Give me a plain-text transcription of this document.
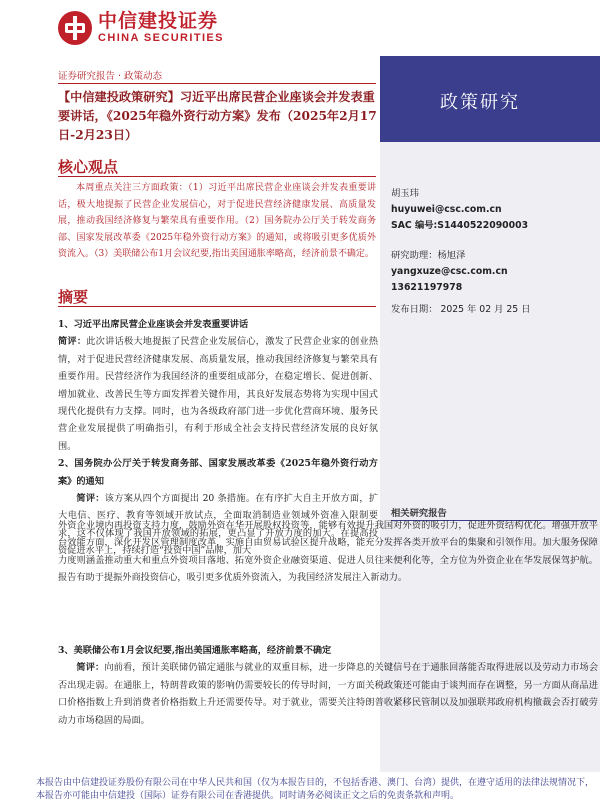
中信建投证券
CHINA SECURITIES
证券研究报告 · 政策动态
【中信建投政策研究】习近平出席民营企业座谈会并发表重要讲话，《2025年稳外资行动方案》发布（2025年2月17日-2月23日）
政策研究
胡玉玮
huyuwei@csc.com.cn
SAC 编号:S1440522090003
研究助理：杨旭泽
yangxuze@csc.com.cn
13621197978
发布日期： 2025 年 02 月 25 日
相关研究报告
核心观点
本周重点关注三方面政策：（1）习近平出席民营企业座谈会并发表重要讲话，极大地提振了民营企业发展信心，对于促进民营经济健康发展、高质量发展，推动我国经济修复与繁荣具有重要作用。（2）国务院办公厅关于转发商务部、国家发展改革委《2025年稳外资行动方案》的通知，或将吸引更多优质外资流入。（3）美联储公布1月会议纪要,指出美国通胀率略高，经济前景不确定。
摘要

1、习近平出席民营企业座谈会并发表重要讲话

简评：此次讲话极大地提振了民营企业发展信心，激发了民营企业家的创业热情，对于促进民营经济健康发展、高质量发展，推动我国经济修复与繁荣具有重要作用。民营经济作为我国经济的重要组成部分，在稳定增长、促进创新、增加就业、改善民生等方面发挥着关键作用，其良好发展态势将为实现中国式现代化提供有力支撑。同时，也为各级政府部门进一步优化营商环境、服务民营企业发展提供了明确指引，有利于形成全社会支持民营经济发展的良好氛围。

2、国务院办公厅关于转发商务部、国家发展改革委《2025年稳外资行动方案》的通知

简评：该方案从四个方面提出 20 条措施。在有序扩大自主开放方面，扩大电信、医疗、教育等领域开放试点，全面取消制造业领域外资准入限制要求，这不仅体现了我国开放领域的拓展，更凸显了开放力度的加大。在提高投资促进水平上，持续打造“投资中国”品牌，加大

外资企业境内再投资支持力度，鼓励外资在华开展股权投资等，能够有效提升我国对外资的吸引力，促进外资结构优化。增强开放平台效能方面，深化开发区管理制度改革，实施自由贸易试验区提升战略，能充分发挥各类开放平台的集聚和引领作用。加大服务保障力度则涵盖推动重大和重点外资项目落地、拓宽外资企业融资渠道、促进人员往来便利化等，全方位为外资企业在华发展保驾护航。报告有助于提振外商投资信心，吸引更多优质外资流入，为我国经济发展注入新动力。
3、美联储公布1月会议纪要,指出美国通胀率略高，经济前景不确定
简评：向前看，预计美联储仍锚定通胀与就业的双重目标，进一步降息的关键信号在于通胀回落能否取得进展以及劳动力市场会否出现走弱。在通胀上，特朗普政策的影响仍需要较长的传导时间，一方面关税政策还可能由于谈判而存在调整，另一方面从商品进口价格指数上升到消费者价格指数上升还需要传导。对于就业，需要关注特朗普收紧移民管制以及加强联邦政府机构撤裁会否打破劳动力市场稳固的局面。
本报告由中信建投证券股份有限公司在中华人民共和国（仅为本报告目的，不包括香港、澳门、台湾）提供，在遵守适用的法律法规情况下，本报告亦可能由中信建投（国际）证券有限公司在香港提供。同时请务必阅读正文之后的免责条款和声明。
